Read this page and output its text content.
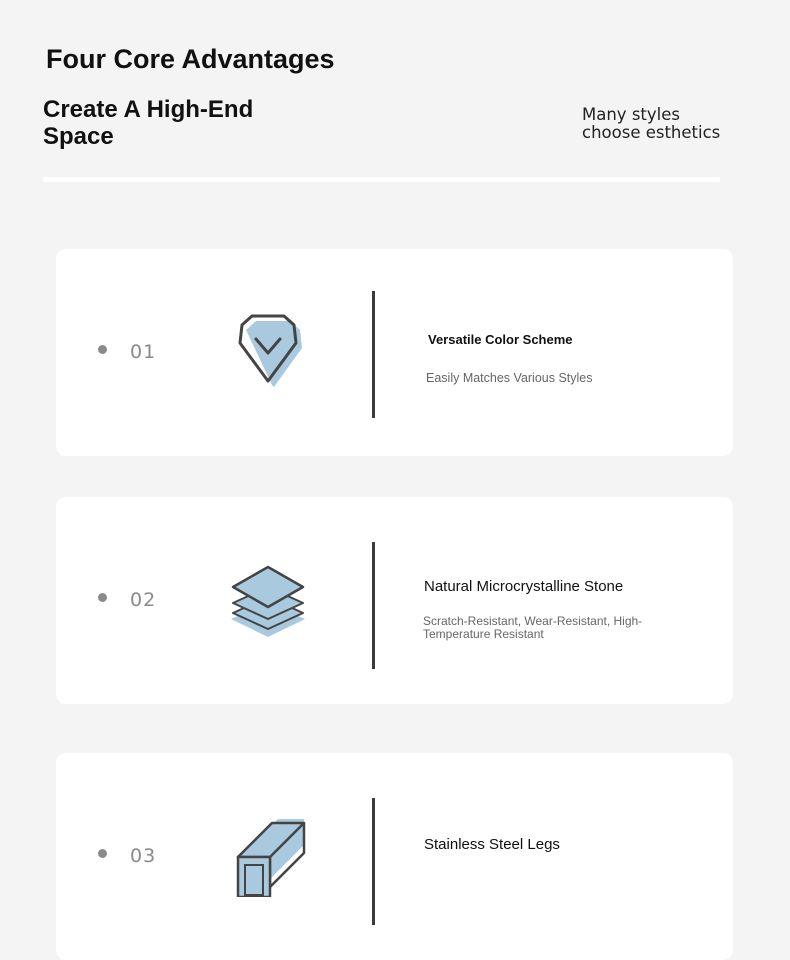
Four Core Advantages
Create A High-End Space
Many styles
choose esthetics
01
Versatile Color Scheme
Easily Matches Various Styles
02
Natural Microcrystalline Stone
Scratch-Resistant, Wear-Resistant, High-Temperature Resistant
03
Stainless Steel Legs
